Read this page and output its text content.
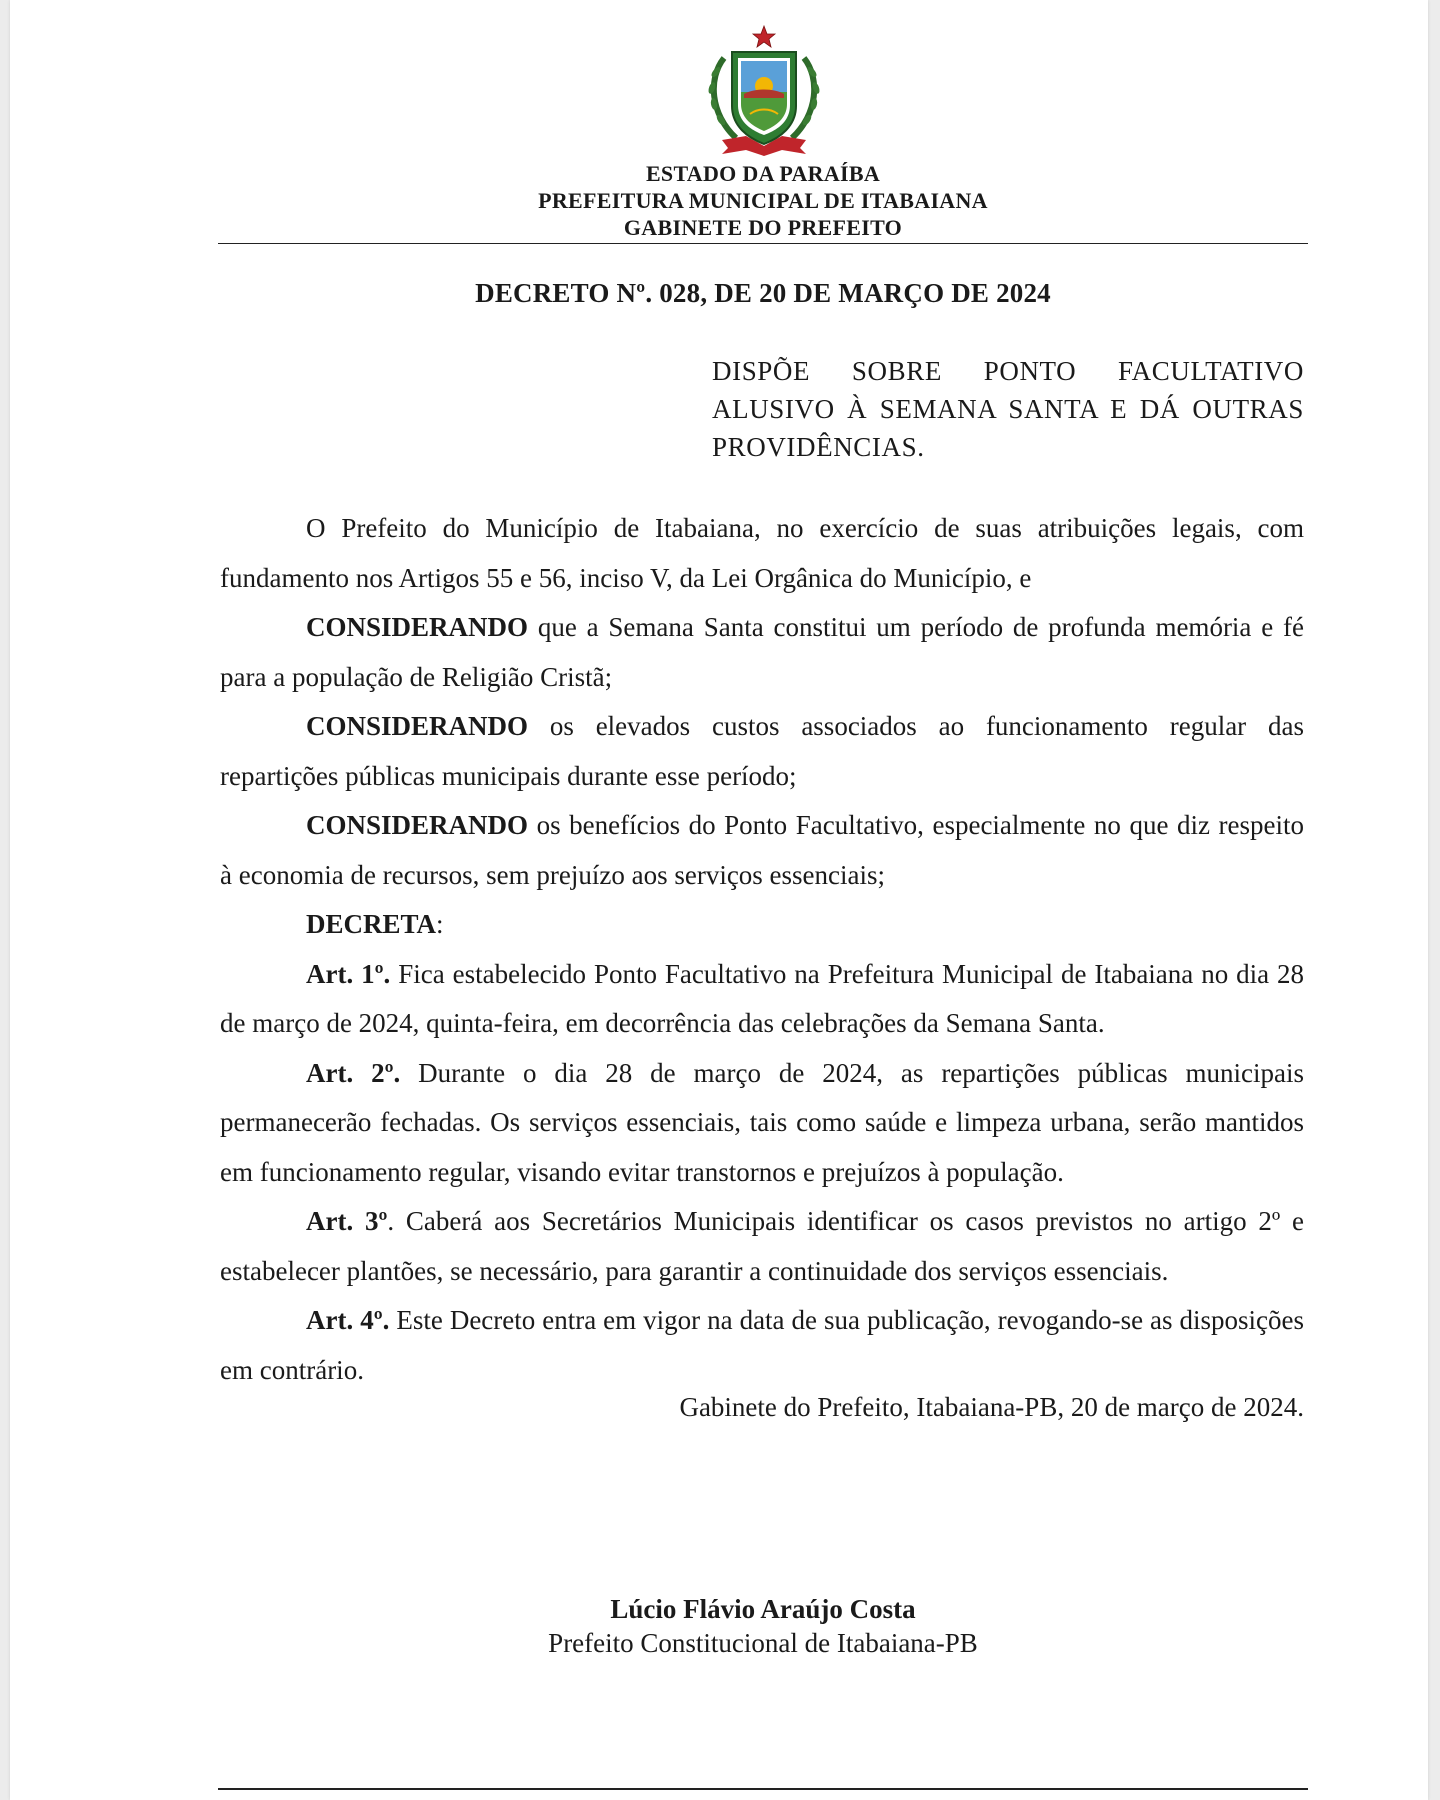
ESTADO DA PARAÍBA
PREFEITURA MUNICIPAL DE ITABAIANA
GABINETE DO PREFEITO
DECRETO Nº. 028, DE 20 DE MARÇO DE 2024
DISPÕE SOBRE PONTO FACULTATIVO ALUSIVO À SEMANA SANTA E DÁ OUTRAS PROVIDÊNCIAS.

O Prefeito do Município de Itabaiana, no exercício de suas atribuições legais, com fundamento nos Artigos 55 e 56, inciso V, da Lei Orgânica do Município, e

CONSIDERANDO que a Semana Santa constitui um período de profunda memória e fé para a população de Religião Cristã;

CONSIDERANDO os elevados custos associados ao funcionamento regular das repartições públicas municipais durante esse período;

CONSIDERANDO os benefícios do Ponto Facultativo, especialmente no que diz respeito à economia de recursos, sem prejuízo aos serviços essenciais;

DECRETA:

Art. 1º. Fica estabelecido Ponto Facultativo na Prefeitura Municipal de Itabaiana no dia 28 de março de 2024, quinta-feira, em decorrência das celebrações da Semana Santa.

Art. 2º. Durante o dia 28 de março de 2024, as repartições públicas municipais permanecerão fechadas. Os serviços essenciais, tais como saúde e limpeza urbana, serão mantidos em funcionamento regular, visando evitar transtornos e prejuízos à população.

Art. 3º. Caberá aos Secretários Municipais identificar os casos previstos no artigo 2º e estabelecer plantões, se necessário, para garantir a continuidade dos serviços essenciais.

Art. 4º. Este Decreto entra em vigor na data de sua publicação, revogando-se as disposições em contrário.

Gabinete do Prefeito, Itabaiana-PB, 20 de março de 2024.
Lúcio Flávio Araújo Costa
Prefeito Constitucional de Itabaiana-PB
